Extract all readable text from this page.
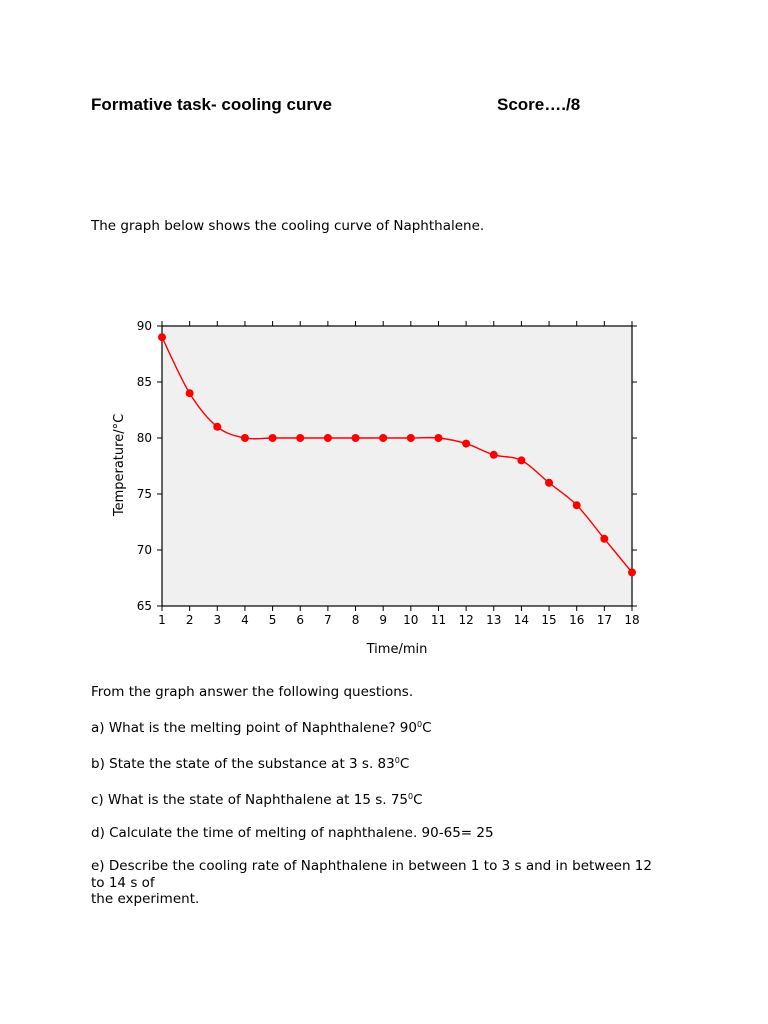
Formative task- cooling curve	Score…./8
The graph below shows the cooling curve of Naphthalene.
65
70
75
80
85
90
1 2 3 4 5 6 7 8 9 10 11 12 13 14 15 16 17 18
Temperature/°C
Time/min
From the graph answer the following questions.
a) What is the melting point of Naphthalene? $90^0C$
b) State the state of the substance at 3 s. $83^0C$
c) What is the state of Naphthalene at 15 s. $75^0C$
d) Calculate the time of melting of naphthalene. 90-65= 25
e) Describe the cooling rate of Naphthalene in between 1 to 3 s and in between 12
to 14 s of
the experiment.
